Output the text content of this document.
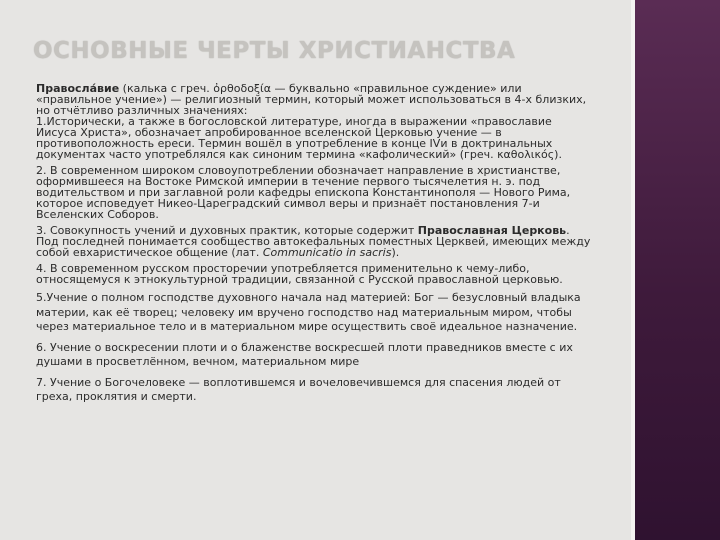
ОСНОВНЫЕ ЧЕРТЫ ХРИСТИАНСТВА

Правосла́вие (калька с греч. ὀρθοδοξία — буквально «правильное суждение» или «правильное учение») — религиозный термин, который может использоваться в 4-х близких, но отчётливо различных значениях:

1.Исторически, а также в богословской литературе, иногда в выражении «православие Иисуса Христа», обозначает апробированное вселенской Церковью учение — в противоположность ереси. Термин вошёл в употребление в конце IVи в доктринальных документах часто употреблялся как синоним термина «кафолический» (греч. καθολικός).

2. В современном широком словоупотреблении обозначает направление в христианстве, оформившееся на Востоке Римской империи в течение первого тысячелетия н. э. под водительством и при заглавной роли кафедры епископа Константинополя — Нового Рима, которое исповедует Никео-Цареградский символ веры и признаёт постановления 7-и Вселенских Соборов.

3. Совокупность учений и духовных практик, которые содержит Православная Церковь. Под последней понимается сообщество автокефальных поместных Церквей, имеющих между собой евхаристическое общение (лат. Communicatio in sacris).

4. В современном русском просторечии употребляется применительно к чему-либо, относящемуся к этнокультурной традиции, связанной с Русской православной церковью.

5.Учение о полном господстве духовного начала над материей: Бог — безусловный владыка материи, как её творец; человеку им вручено господство над материальным миром, чтобы через материальное тело и в материальном мире осуществить своё идеальное назначение.

6. Учение о воскресении плоти и о блаженстве воскресшей плоти праведников вместе с их душами в просветлённом, вечном, материальном мире

7. Учение о Богочеловеке — воплотившемся и вочеловечившемся для спасения людей от греха, проклятия и смерти.
